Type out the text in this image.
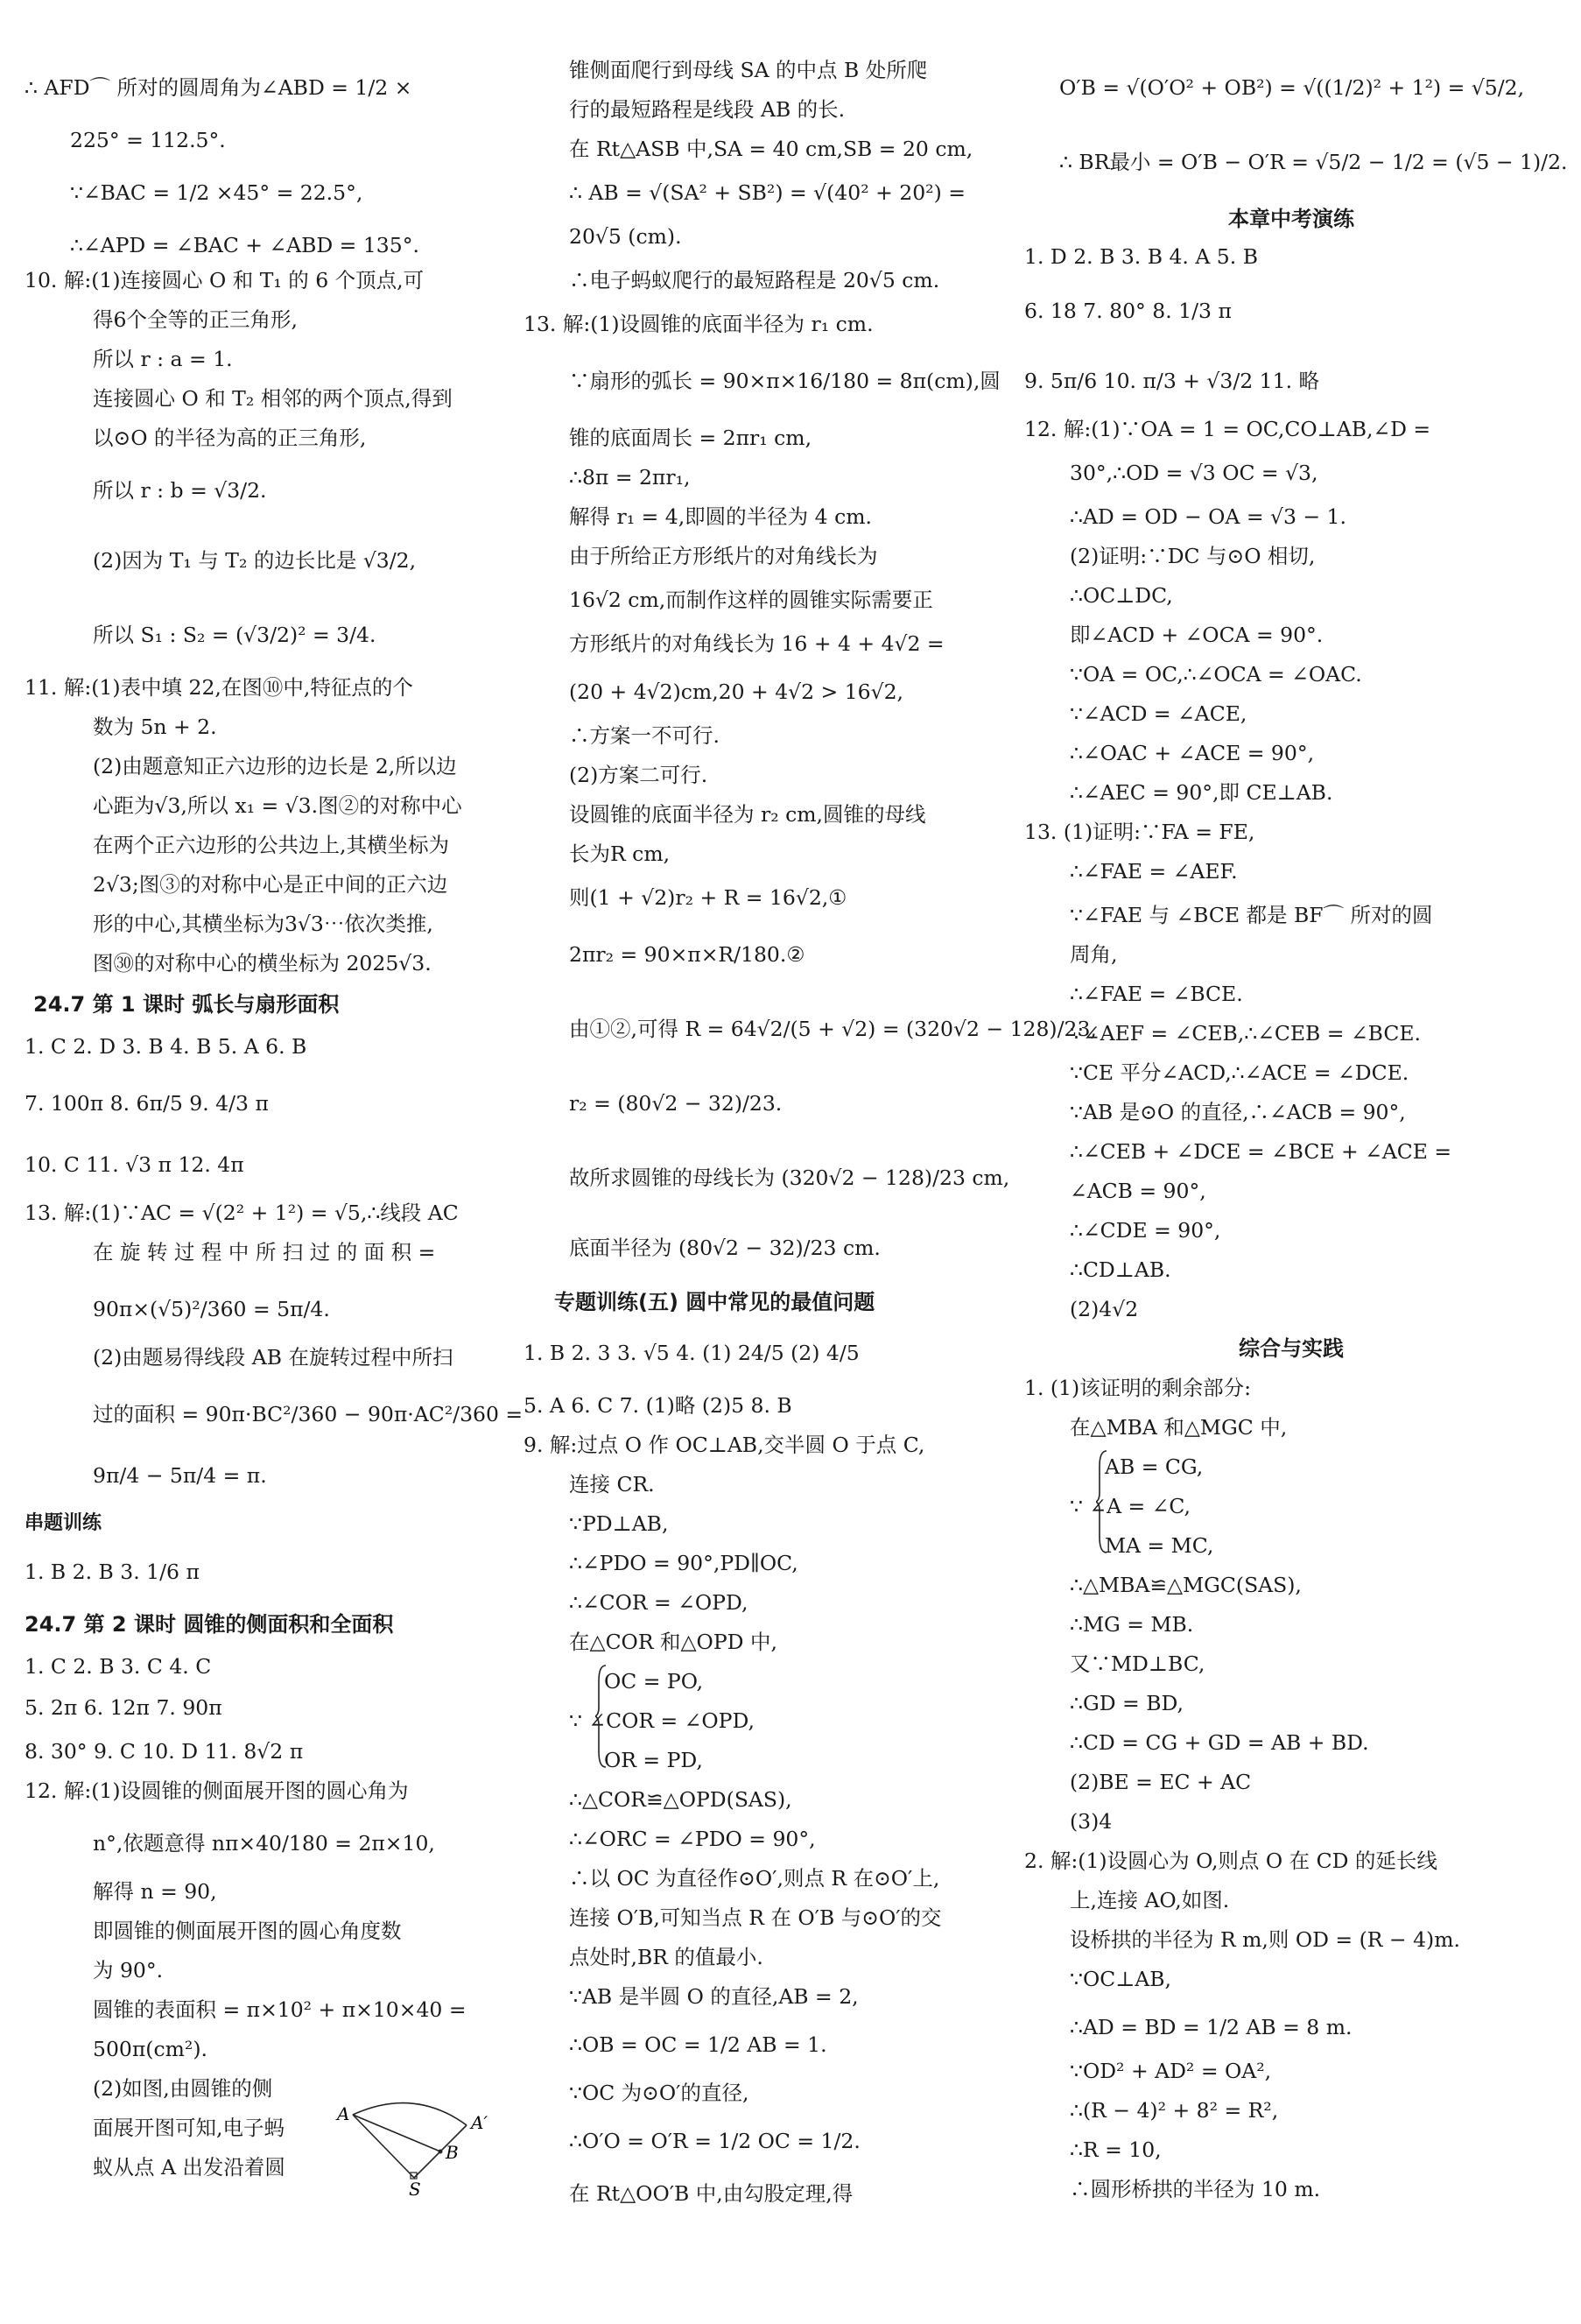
∴ AFD⌒ 所对的圆周角为∠ABD = 1/2 ×
225° = 112.5°.
∵∠BAC = 1/2 ×45° = 22.5°,
∴∠APD = ∠BAC + ∠ABD = 135°.
10. 解:(1)连接圆心 O 和 T₁ 的 6 个顶点,可
得6个全等的正三角形,
所以 r : a = 1.
连接圆心 O 和 T₂ 相邻的两个顶点,得到
以⊙O 的半径为高的正三角形,
所以 r : b = √3/2.
(2)因为 T₁ 与 T₂ 的边长比是 √3/2,
所以 S₁ : S₂ = (√3/2)² = 3/4.
11. 解:(1)表中填 22,在图⑩中,特征点的个
数为 5n + 2.
(2)由题意知正六边形的边长是 2,所以边
心距为√3,所以 x₁ = √3.图②的对称中心
在两个正六边形的公共边上,其横坐标为
2√3;图③的对称中心是正中间的正六边
形的中心,其横坐标为3√3⋯依次类推,
图㉚的对称中心的横坐标为 2025√3.
24.7 第 1 课时 弧长与扇形面积
1. C 2. D 3. B 4. B 5. A 6. B
7. 100π 8. 6π/5 9. 4/3 π
10. C 11. √3 π 12. 4π
13. 解:(1)∵AC = √(2² + 1²) = √5,∴线段 AC
在 旋 转 过 程 中 所 扫 过 的 面 积 =
90π×(√5)²/360 = 5π/4.
(2)由题易得线段 AB 在旋转过程中所扫
过的面积 = 90π·BC²/360 − 90π·AC²/360 =
9π/4 − 5π/4 = π.
串题训练
1. B 2. B 3. 1/6 π
24.7 第 2 课时 圆锥的侧面积和全面积
1. C 2. B 3. C 4. C
5. 2π 6. 12π 7. 90π
8. 30° 9. C 10. D 11. 8√2 π
12. 解:(1)设圆锥的侧面展开图的圆心角为
n°,依题意得 nπ×40/180 = 2π×10,
解得 n = 90,
即圆锥的侧面展开图的圆心角度数
为 90°.
圆锥的表面积 = π×10² + π×10×40 =
500π(cm²).
(2)如图,由圆锥的侧
面展开图可知,电子蚂
蚁从点 A 出发沿着圆
A	A′
B
S
锥侧面爬行到母线 SA 的中点 B 处所爬
行的最短路程是线段 AB 的长.
在 Rt△ASB 中,SA = 40 cm,SB = 20 cm,
∴ AB = √(SA² + SB²) = √(40² + 20²) =
20√5 (cm).
∴电子蚂蚁爬行的最短路程是 20√5 cm.
13. 解:(1)设圆锥的底面半径为 r₁ cm.
∵扇形的弧长 = 90×π×16/180 = 8π(cm),圆
锥的底面周长 = 2πr₁ cm,
∴8π = 2πr₁,
解得 r₁ = 4,即圆的半径为 4 cm.
由于所给正方形纸片的对角线长为
16√2 cm,而制作这样的圆锥实际需要正
方形纸片的对角线长为 16 + 4 + 4√2 =
(20 + 4√2)cm,20 + 4√2 > 16√2,
∴方案一不可行.
(2)方案二可行.
设圆锥的底面半径为 r₂ cm,圆锥的母线
长为R cm,
则(1 + √2)r₂ + R = 16√2,①
2πr₂ = 90×π×R/180.②
由①②,可得 R = 64√2/(5 + √2) = (320√2 − 128)/23,
r₂ = (80√2 − 32)/23.
故所求圆锥的母线长为 (320√2 − 128)/23 cm,
底面半径为 (80√2 − 32)/23 cm.
专题训练(五) 圆中常见的最值问题
1. B 2. 3 3. √5 4. (1) 24/5 (2) 4/5
5. A 6. C 7. (1)略 (2)5 8. B
9. 解:过点 O 作 OC⊥AB,交半圆 O 于点 C,
连接 CR.
∵PD⊥AB,
∴∠PDO = 90°,PD∥OC,
∴∠COR = ∠OPD,
在△COR 和△OPD 中,
OC = PO,
∵ ∠COR = ∠OPD,
OR = PD,
∴△COR≌△OPD(SAS),
∴∠ORC = ∠PDO = 90°,
∴以 OC 为直径作⊙O′,则点 R 在⊙O′上,
连接 O′B,可知当点 R 在 O′B 与⊙O′的交
点处时,BR 的值最小.
∵AB 是半圆 O 的直径,AB = 2,
∴OB = OC = 1/2 AB = 1.
∵OC 为⊙O′的直径,
∴O′O = O′R = 1/2 OC = 1/2.
在 Rt△OO′B 中,由勾股定理,得
O′B = √(O′O² + OB²) = √((1/2)² + 1²) = √5/2,
∴ BR最小 = O′B − O′R = √5/2 − 1/2 = (√5 − 1)/2.
本章中考演练
1. D 2. B 3. B 4. A 5. B
6. 18 7. 80° 8. 1/3 π
9. 5π/6 10. π/3 + √3/2 11. 略
12. 解:(1)∵OA = 1 = OC,CO⊥AB,∠D =
30°,∴OD = √3 OC = √3,
∴AD = OD − OA = √3 − 1.
(2)证明:∵DC 与⊙O 相切,
∴OC⊥DC,
即∠ACD + ∠OCA = 90°.
∵OA = OC,∴∠OCA = ∠OAC.
∵∠ACD = ∠ACE,
∴∠OAC + ∠ACE = 90°,
∴∠AEC = 90°,即 CE⊥AB.
13. (1)证明:∵FA = FE,
∴∠FAE = ∠AEF.
∵∠FAE 与 ∠BCE 都是 BF⌒ 所对的圆
周角,
∴∠FAE = ∠BCE.
∵∠AEF = ∠CEB,∴∠CEB = ∠BCE.
∵CE 平分∠ACD,∴∠ACE = ∠DCE.
∵AB 是⊙O 的直径,∴∠ACB = 90°,
∴∠CEB + ∠DCE = ∠BCE + ∠ACE =
∠ACB = 90°,
∴∠CDE = 90°,
∴CD⊥AB.
(2)4√2
综合与实践
1. (1)该证明的剩余部分:
在△MBA 和△MGC 中,
AB = CG,
∵ ∠A = ∠C,
MA = MC,
∴△MBA≌△MGC(SAS),
∴MG = MB.
又∵MD⊥BC,
∴GD = BD,
∴CD = CG + GD = AB + BD.
(2)BE = EC + AC
(3)4
2. 解:(1)设圆心为 O,则点 O 在 CD 的延长线
上,连接 AO,如图.
设桥拱的半径为 R m,则 OD = (R − 4)m.
∵OC⊥AB,
∴AD = BD = 1/2 AB = 8 m.
∵OD² + AD² = OA²,
∴(R − 4)² + 8² = R²,
∴R = 10,
∴圆形桥拱的半径为 10 m.
